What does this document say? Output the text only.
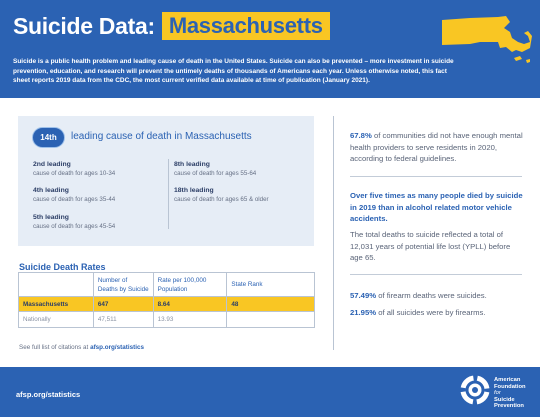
Suicide Data: Massachusetts

Suicide is a public health problem and leading cause of death in the United States. Suicide can also be prevented – more investment in suicide prevention, education, and research will prevent the untimely deaths of thousands of Americans each year. Unless otherwise noted, this fact sheet reports 2019 data from the CDC, the most current verified data available at time of publication (January 2021).

14th	leading cause of death in Massachusetts
2nd leading
cause of death for ages 10-34
4th leading
cause of death for ages 35-44
5th leading
cause of death for ages 45-54
8th leading
cause of death for ages 55-64
18th leading
cause of death for ages 65 & older
Suicide Death Rates
	Number of Deaths by Suicide	Rate per 100,000 Population	State Rank
Massachusetts	647	8.64	48
Nationally	47,511	13.93	
See full list of citations at afsp.org/statistics
67.8% of communities did not have enough mental health providers to serve residents in 2020, according to federal guidelines.
Over five times as many people died by suicide in 2019 than in alcohol related motor vehicle accidents.
The total deaths to suicide reflected a total of 12,031 years of potential life lost (YPLL) before age 65.
57.49% of firearm deaths were suicides.
21.95% of all suicides were by firearms.
afsp.org/statistics
American
Foundation
for
Suicide
Prevention
